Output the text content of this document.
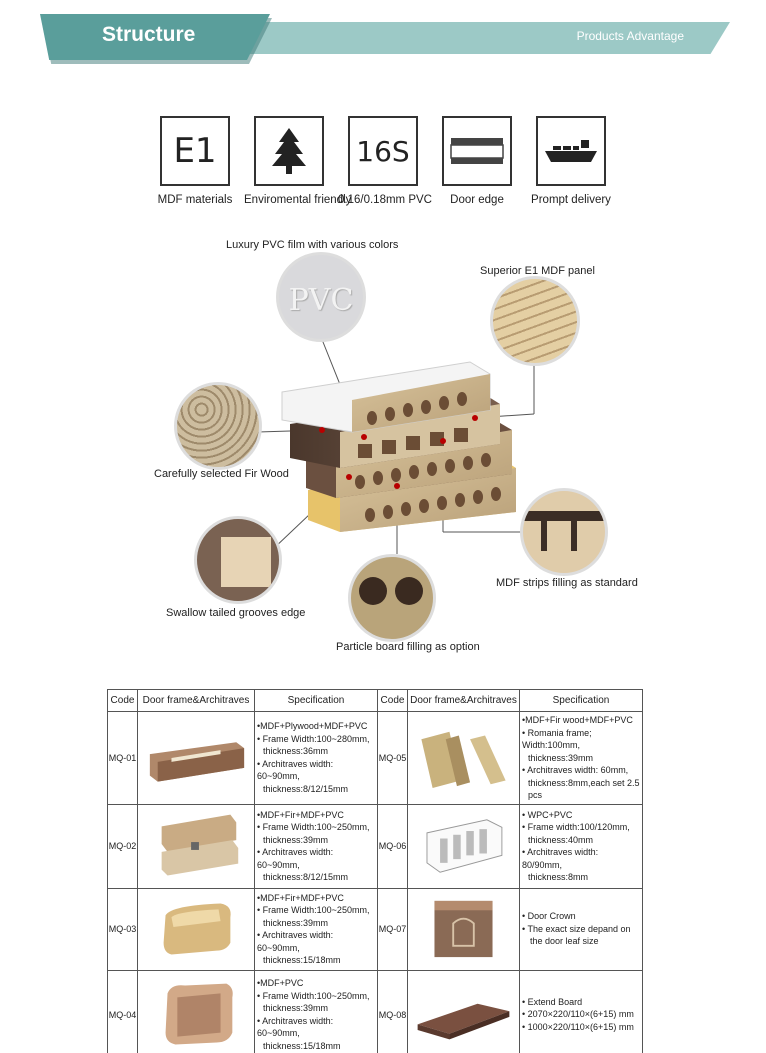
Structure	Products Advantage
E1
MDF materials	Enviromental friendly
16S
0.16/0.18mm PVC	Door edge	Prompt delivery
PVC
Luxury PVC film with various colors
Superior E1 MDF panel
Carefully selected Fir Wood
MDF strips filling as standard
Swallow tailed grooves edge
Particle board filling as option
Code	Door frame&Architraves	Specification	Code	Door frame&Architraves	Specification
MQ-01		•MDF+Plywood+MDF+PVC
• Frame Width:100~280mm,
thickness:36mm
• Architraves width: 60~90mm,
thickness:8/12/15mm	MQ-05		•MDF+Fir wood+MDF+PVC
• Romania frame; Width:100mm,
thickness:39mm
• Architraves width: 60mm,
thickness:8mm,each set 2.5 pcs

MQ-02		•MDF+Fir+MDF+PVC
• Frame Width:100~250mm,
thickness:39mm
• Architraves width: 60~90mm,
thickness:8/12/15mm	MQ-06		• WPC+PVC
• Frame width:100/120mm,
thickness:40mm
• Architraves width: 80/90mm,
thickness:8mm

MQ-03		•MDF+Fir+MDF+PVC
• Frame Width:100~250mm,
thickness:39mm
• Architraves width: 60~90mm,
thickness:15/18mm	MQ-07		• Door Crown
• The exact size depand on
the door leaf size

MQ-04		•MDF+PVC
• Frame Width:100~250mm,
thickness:39mm
• Architraves width: 60~90mm,
thickness:15/18mm	MQ-08		• Extend Board
• 2070×220/110×(6+15) mm
• 1000×220/110×(6+15) mm
